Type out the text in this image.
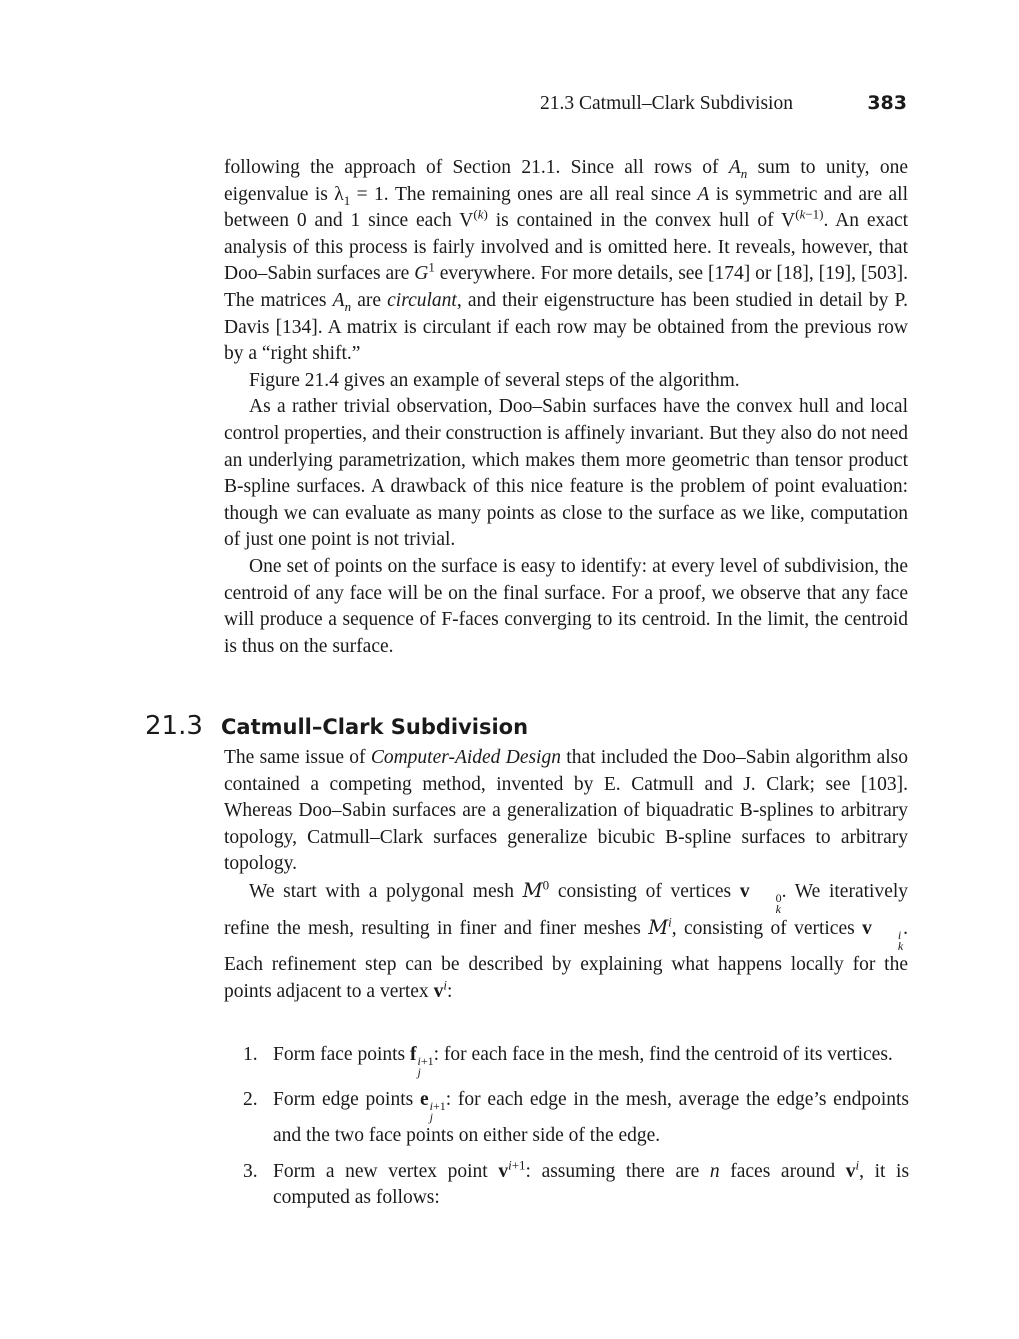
21.3 Catmull–Clark Subdivision	383

following the approach of Section 21.1. Since all rows of $A_n$ sum to unity, one eigenvalue is $\lambda_1 = 1$. The remaining ones are all real since A is symmetric and are all between 0 and 1 since each $V^{(k)}$ is contained in the convex hull of $V^{(k-1)}$. An exact analysis of this process is fairly involved and is omitted here. It reveals, however, that Doo–Sabin surfaces are $G^1$ everywhere. For more details, see [174] or [18], [19], [503]. The matrices $A_n$ are circulant, and their eigenstructure has been studied in detail by P. Davis [134]. A matrix is circulant if each row may be obtained from the previous row by a “right shift.”

Figure 21.4 gives an example of several steps of the algorithm.

As a rather trivial observation, Doo–Sabin surfaces have the convex hull and local control properties, and their construction is affinely invariant. But they also do not need an underlying parametrization, which makes them more geometric than tensor product B-spline surfaces. A drawback of this nice feature is the problem of point evaluation: though we can evaluate as many points as close to the surface as we like, computation of just one point is not trivial.

One set of points on the surface is easy to identify: at every level of subdivision, the centroid of any face will be on the final surface. For a proof, we observe that any face will produce a sequence of F-faces converging to its centroid. In the limit, the centroid is thus on the surface.

21.3 Catmull–Clark Subdivision

The same issue of Computer-Aided Design that included the Doo–Sabin algorithm also contained a competing method, invented by E. Catmull and J. Clark; see [103]. Whereas Doo–Sabin surfaces are a generalization of biquadratic B-splines to arbitrary topology, Catmull–Clark surfaces generalize bicubic B-spline surfaces to arbitrary topology.

We start with a polygonal mesh $M^0$ consisting of vertices v	0
k
. We iteratively refine the mesh, resulting in finer and finer meshes $M^i$, consisting of vertices v	i
k
. Each refinement step can be described by explaining what happens locally for the points adjacent to a vertex $v^i$:

1. Form face points f i+1
j
: for each face in the mesh, find the centroid of its vertices.
2. Form edge points e i+1
j
: for each edge in the mesh, average the edge’s endpoints and the two face points on either side of the edge.
3. Form a new vertex point $v^{i+1}$: assuming there are n faces around $v^i$, it is computed as follows:
